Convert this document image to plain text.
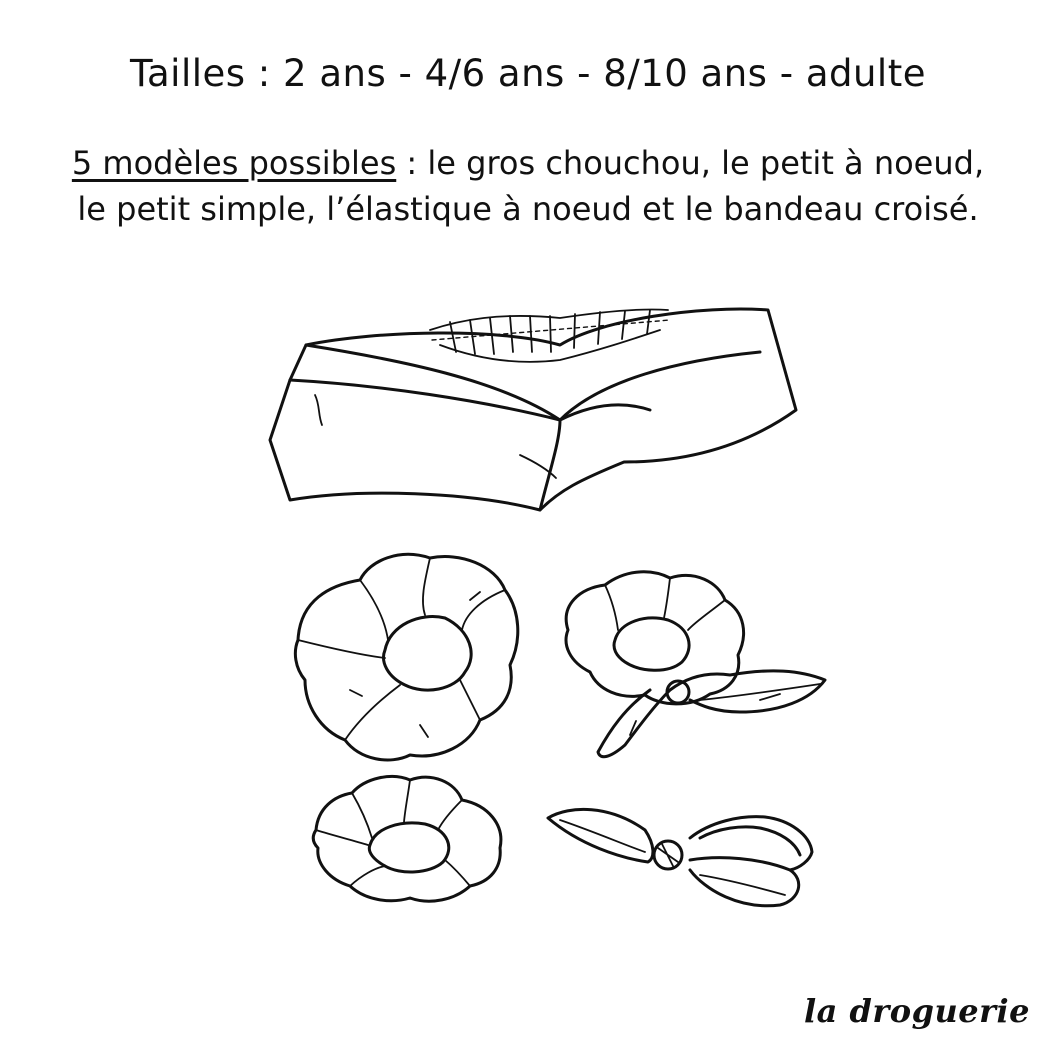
Tailles : 2 ans - 4/6 ans - 8/10 ans - adulte
5 modèles possibles : le gros chouchou, le petit à noeud,
le petit simple, l’élastique à noeud et le bandeau croisé.
la droguerie
